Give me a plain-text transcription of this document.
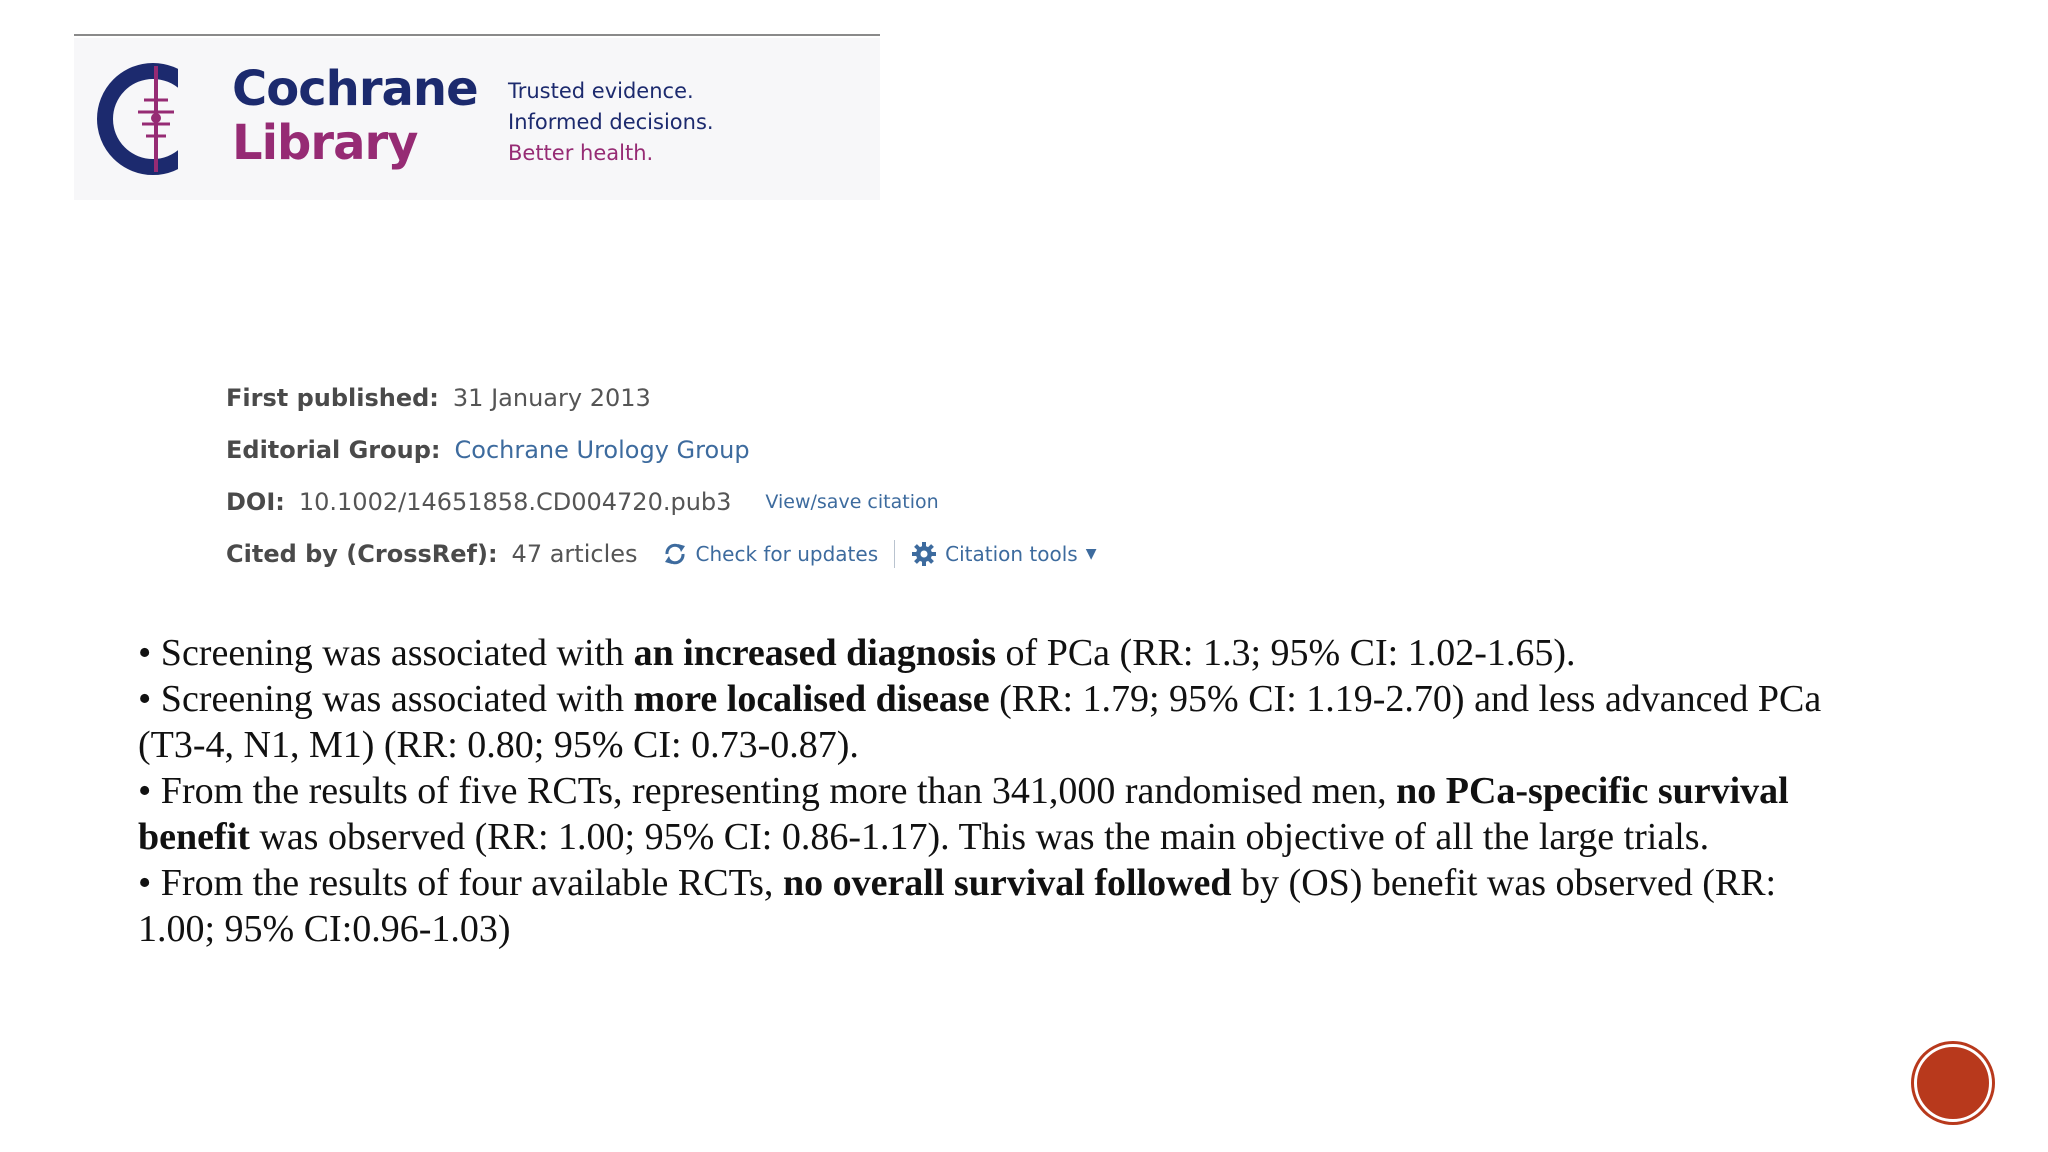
Cochrane
Library
Trusted evidence.
Informed decisions.
Better health.
First published: 31 January 2013
Editorial Group: Cochrane Urology Group
DOI: 10.1002/14651858.CD004720.pub3 View/save citation
Cited by (CrossRef): 47 articles	Check for updates	Citation tools ▼

• Screening was associated with an increased diagnosis of PCa (RR: 1.3; 95% CI: 1.02-1.65).

• Screening was associated with more localised disease (RR: 1.79; 95% CI: 1.19-2.70) and less advanced PCa (T3-4, N1, M1) (RR: 0.80; 95% CI: 0.73-0.87).

• From the results of five RCTs, representing more than 341,000 randomised men, no PCa-specific survival benefit was observed (RR: 1.00; 95% CI: 0.86-1.17). This was the main objective of all the large trials.

• From the results of four available RCTs, no overall survival followed by (OS) benefit was observed (RR: 1.00; 95% CI:0.96-1.03)
